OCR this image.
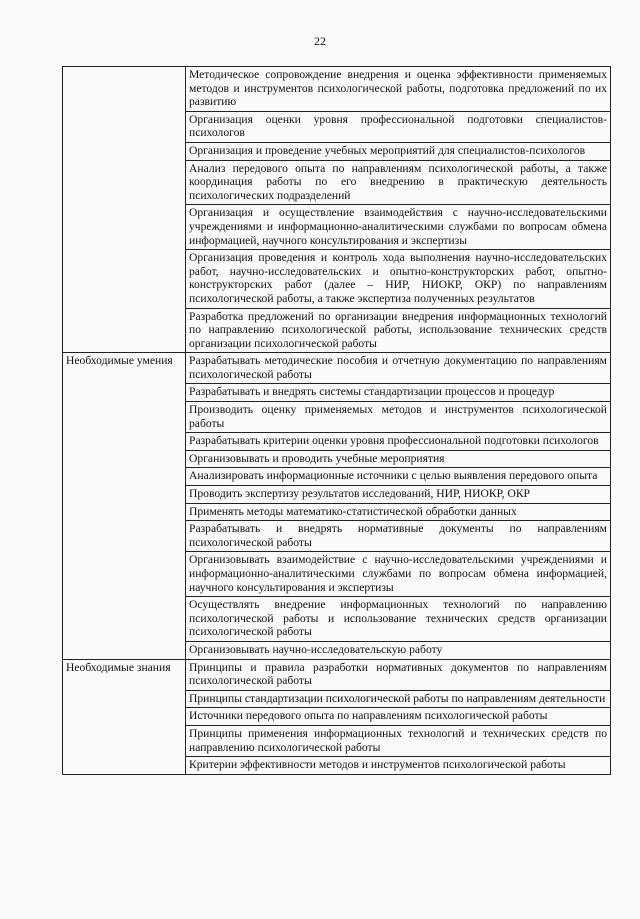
22
	Методическое сопровождение внедрения и оценка эффективности применяемых методов и инструментов психологической работы, подготовка предложений по их развитию
	Организация оценки уровня профессиональной подготовки специалистов-психологов
	Организация и проведение учебных мероприятий для специалистов-психологов
	Анализ передового опыта по направлениям психологической работы, а также координация работы по его внедрению в практическую деятельность психологических подразделений
	Организация и осуществление взаимодействия с научно-исследовательскими учреждениями и информационно-аналитическими службами по вопросам обмена информацией, научного консультирования и экспертизы
	Организация проведения и контроль хода выполнения научно-исследовательских работ, научно-исследовательских и опытно-конструкторских работ, опытно-конструкторских работ (далее – НИР, НИОКР, ОКР) по направлениям психологической работы, а также экспертиза полученных результатов
	Разработка предложений по организации внедрения информационных технологий по направлению психологической работы, использование технических средств организации психологической работы
Необходимые умения	Разрабатывать методические пособия и отчетную документацию по направлениям психологической работы
	Разрабатывать и внедрять системы стандартизации процессов и процедур
	Производить оценку применяемых методов и инструментов психологической работы
	Разрабатывать критерии оценки уровня профессиональной подготовки психологов
	Организовывать и проводить учебные мероприятия
	Анализировать информационные источники с целью выявления передового опыта
	Проводить экспертизу результатов исследований, НИР, НИОКР, ОКР
	Применять методы математико-статистической обработки данных
	Разрабатывать и внедрять нормативные документы по направлениям психологической работы
	Организовывать взаимодействие с научно-исследовательскими учреждениями и информационно-аналитическими службами по вопросам обмена информацией, научного консультирования и экспертизы
	Осуществлять внедрение информационных технологий по направлению психологической работы и использование технических средств организации психологической работы
	Организовывать научно-исследовательскую работу
Необходимые знания	Принципы и правила разработки нормативных документов по направлениям психологической работы
	Принципы стандартизации психологической работы по направлениям деятельности
	Источники передового опыта по направлениям психологической работы
	Принципы применения информационных технологий и технических средств по направлению психологической работы
	Критерии эффективности методов и инструментов психологической работы
